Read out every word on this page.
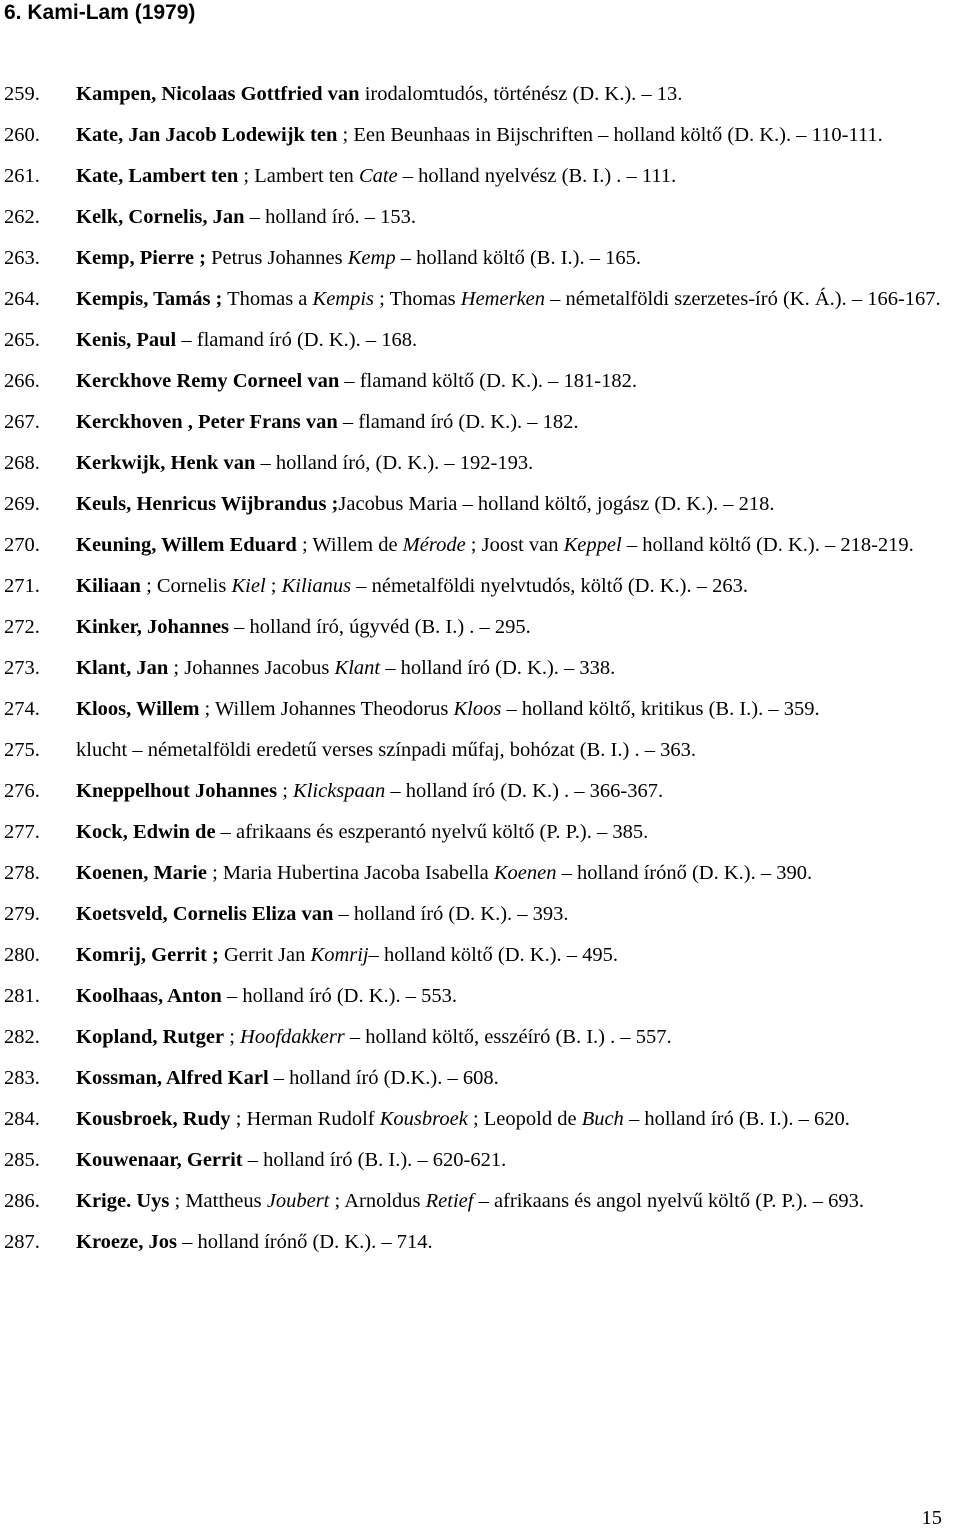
6. Kami-Lam (1979)
259. Kampen, Nicolaas Gottfried van irodalomtudós, történész (D. K.). – 13.
260. Kate, Jan Jacob Lodewijk ten ; Een Beunhaas in Bijschriften – holland költő (D. K.). – 110-111.
261. Kate, Lambert ten ; Lambert ten Cate – holland nyelvész (B. I.) . – 111.
262. Kelk, Cornelis, Jan – holland író. – 153.
263. Kemp, Pierre ; Petrus Johannes Kemp – holland költő (B. I.). – 165.
264. Kempis, Tamás ; Thomas a Kempis ; Thomas Hemerken – németalföldi szerzetes-író (K. Á.). – 166-167.
265. Kenis, Paul – flamand író (D. K.). – 168.
266. Kerckhove Remy Corneel van – flamand költő (D. K.). – 181-182.
267. Kerckhoven , Peter Frans van – flamand író (D. K.). – 182.
268. Kerkwijk, Henk van – holland író, (D. K.). – 192-193.
269. Keuls, Henricus Wijbrandus ;Jacobus Maria – holland költő, jogász (D. K.). – 218.
270. Keuning, Willem Eduard ; Willem de Mérode ; Joost van Keppel – holland költő (D. K.). – 218-219.
271. Kiliaan ; Cornelis Kiel ; Kilianus – németalföldi nyelvtudós, költő (D. K.). – 263.
272. Kinker, Johannes – holland író, úgyvéd (B. I.) . – 295.
273. Klant, Jan ; Johannes Jacobus Klant – holland író (D. K.). – 338.
274. Kloos, Willem ; Willem Johannes Theodorus Kloos – holland költő, kritikus (B. I.). – 359.
275. klucht – németalföldi eredetű verses színpadi műfaj, bohózat (B. I.) . – 363.
276. Kneppelhout Johannes ; Klickspaan – holland író (D. K.) . – 366-367.
277. Kock, Edwin de – afrikaans és eszperantó nyelvű költő (P. P.). – 385.
278. Koenen, Marie ; Maria Hubertina Jacoba Isabella Koenen – holland írónő (D. K.). – 390.
279. Koetsveld, Cornelis Eliza van – holland író (D. K.). – 393.
280. Komrij, Gerrit ; Gerrit Jan Komrij– holland költő (D. K.). – 495.
281. Koolhaas, Anton – holland író (D. K.). – 553.
282. Kopland, Rutger ; Hoofdakkerr – holland költő, esszéíró (B. I.) . – 557.
283. Kossman, Alfred Karl – holland író (D.K.). – 608.
284. Kousbroek, Rudy ; Herman Rudolf Kousbroek ; Leopold de Buch – holland író (B. I.). – 620.
285. Kouwenaar, Gerrit – holland író (B. I.). – 620-621.
286. Krige. Uys ; Mattheus Joubert ; Arnoldus Retief – afrikaans és angol nyelvű költő (P. P.). – 693.
287. Kroeze, Jos – holland írónő (D. K.). – 714.
15
